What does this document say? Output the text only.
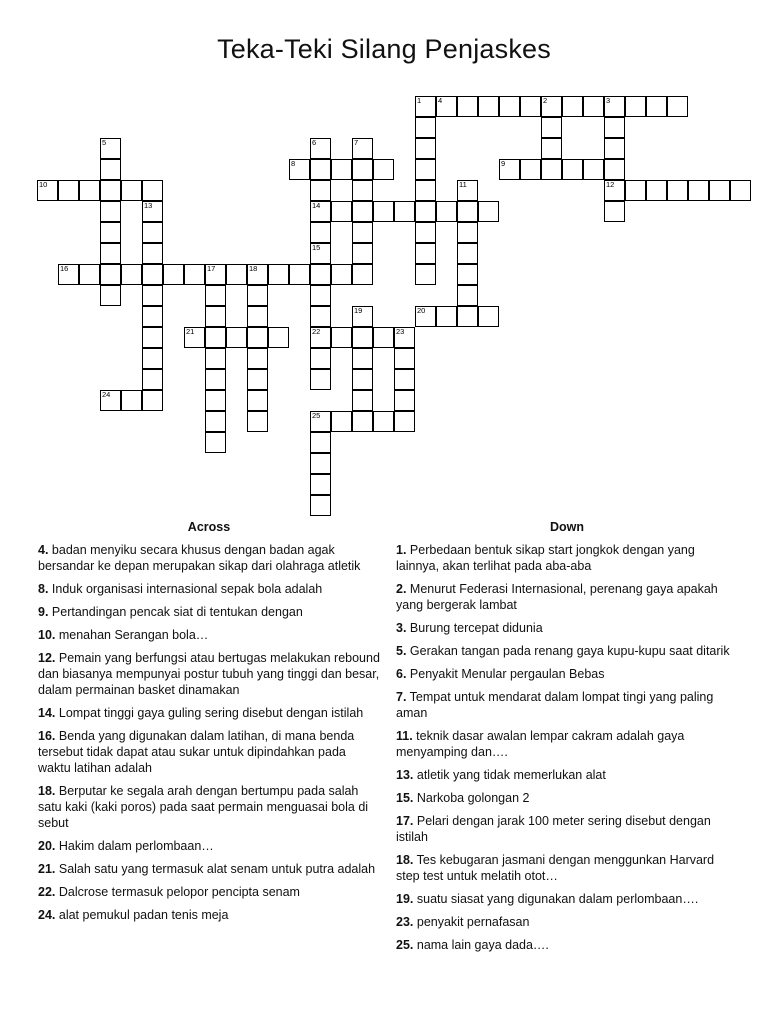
Teka-Teki Silang Penjaskes
4	2	3
8	9
10	12
14
16	17	18
20
21	22	23
24
25
1
5	6
15
7
11
13
19
Across
4. badan menyiku secara khusus dengan badan agak bersandar ke depan merupakan sikap dari olahraga atletik
8. Induk organisasi internasional sepak bola adalah
9. Pertandingan pencak siat di tentukan dengan
10. menahan Serangan bola…
12. Pemain yang berfungsi atau bertugas melakukan rebound dan biasanya mempunyai postur tubuh yang tinggi dan besar, dalam permainan basket dinamakan
14. Lompat tinggi gaya guling sering disebut dengan istilah
16. Benda yang digunakan dalam latihan, di mana benda tersebut tidak dapat atau sukar untuk dipindahkan pada waktu latihan adalah
18. Berputar ke segala arah dengan bertumpu pada salah satu kaki (kaki poros) pada saat permain menguasai bola di sebut
20. Hakim dalam perlombaan…
21. Salah satu yang termasuk alat senam untuk putra adalah
22. Dalcrose termasuk pelopor pencipta senam
24. alat pemukul padan tenis meja
Down
1. Perbedaan bentuk sikap start jongkok dengan yang lainnya, akan terlihat pada aba-aba
2. Menurut Federasi Internasional, perenang gaya apakah yang bergerak lambat
3. Burung tercepat didunia
5. Gerakan tangan pada renang gaya kupu-kupu saat ditarik
6. Penyakit Menular pergaulan Bebas
7. Tempat untuk mendarat dalam lompat tingi yang paling aman
11. teknik dasar awalan lempar cakram adalah gaya menyamping dan….
13. atletik yang tidak memerlukan alat
15. Narkoba golongan 2
17. Pelari dengan jarak 100 meter sering disebut dengan istilah
18. Tes kebugaran jasmani dengan menggunkan Harvard step test untuk melatih otot…
19. suatu siasat yang digunakan dalam perlombaan….
23. penyakit pernafasan
25. nama lain gaya dada….
